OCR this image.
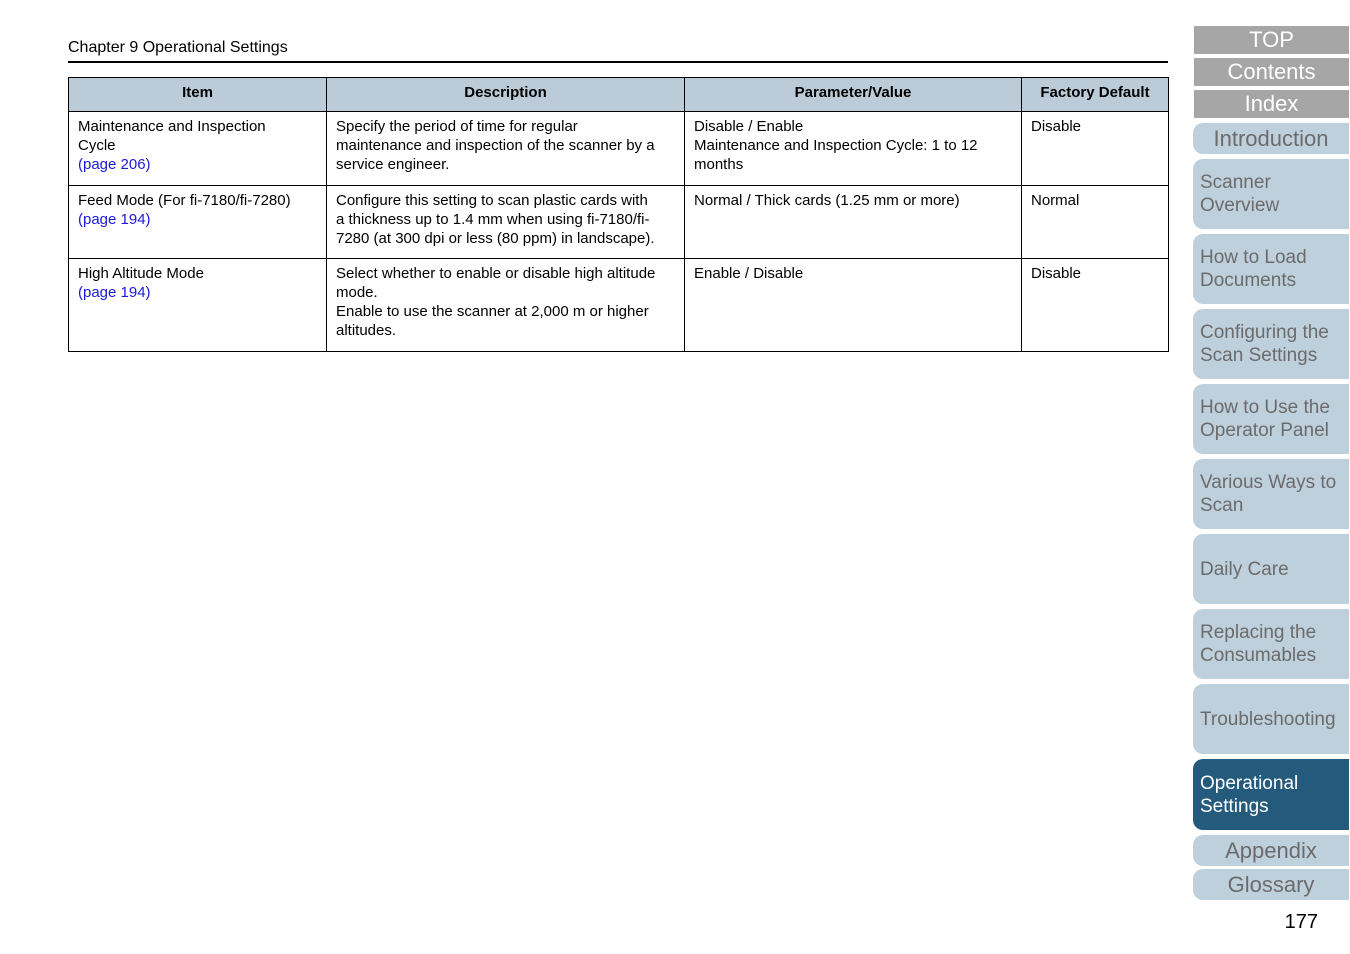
Chapter 9 Operational Settings
Item	Description	Parameter/Value	Factory Default

Maintenance and Inspection
Cycle
(page 206)	Specify the period of time for regular
maintenance and inspection of the scanner by a
service engineer.	Disable / Enable
Maintenance and Inspection Cycle: 1 to 12
months	Disable

Feed Mode (For fi-7180/fi-7280)
(page 194)	Configure this setting to scan plastic cards with
a thickness up to 1.4 mm when using fi-7180/fi-
7280 (at 300 dpi or less (80 ppm) in landscape).	Normal / Thick cards (1.25 mm or more)	Normal

High Altitude Mode
(page 194)	Select whether to enable or disable high altitude
mode.
Enable to use the scanner at 2,000 m or higher
altitudes.	Enable / Disable	Disable
TOP
Contents
Index
Introduction
Scanner
Overview
How to Load
Documents
Configuring the
Scan Settings
How to Use the
Operator Panel
Various Ways to
Scan
Daily Care
Replacing the
Consumables
Troubleshooting
Operational
Settings
Appendix
Glossary
177
